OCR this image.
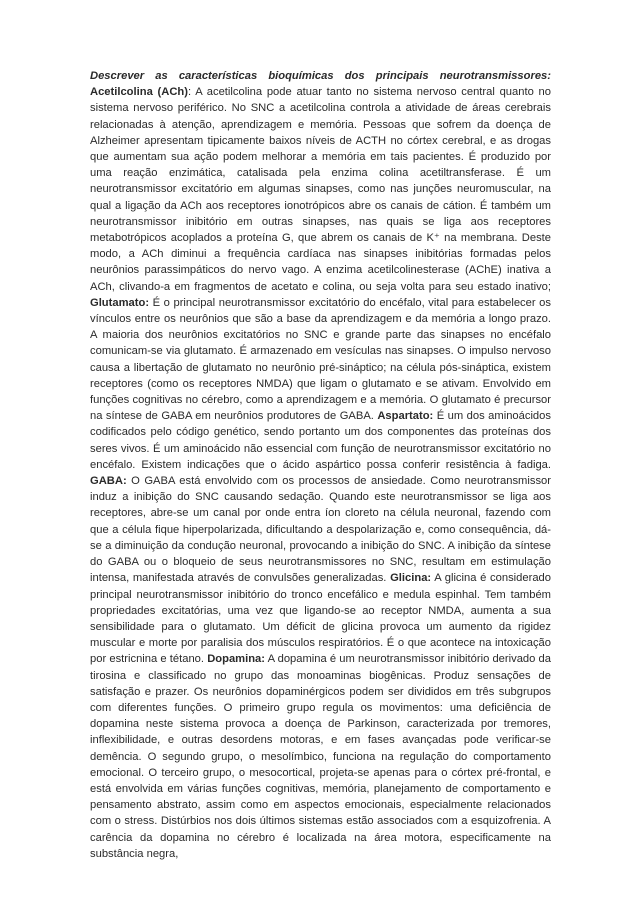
Descrever as características bioquímicas dos principais neurotransmissores: Acetilcolina (ACh): A acetilcolina pode atuar tanto no sistema nervoso central quanto no sistema nervoso periférico. No SNC a acetilcolina controla a atividade de áreas cerebrais relacionadas à atenção, aprendizagem e memória. Pessoas que sofrem da doença de Alzheimer apresentam tipicamente baixos níveis de ACTH no córtex cerebral, e as drogas que aumentam sua ação podem melhorar a memória em tais pacientes. É produzido por uma reação enzimática, catalisada pela enzima colina acetiltransferase. É um neurotransmissor excitatório em algumas sinapses, como nas junções neuromuscular, na qual a ligação da ACh aos receptores ionotrópicos abre os canais de cátion. É também um neurotransmissor inibitório em outras sinapses, nas quais se liga aos receptores metabotrópicos acoplados a proteína G, que abrem os canais de K⁺ na membrana. Deste modo, a ACh diminui a frequência cardíaca nas sinapses inibitórias formadas pelos neurônios parassimpáticos do nervo vago. A enzima acetilcolinesterase (AChE) inativa a ACh, clivando-a em fragmentos de acetato e colina, ou seja volta para seu estado inativo; Glutamato: É o principal neurotransmissor excitatório do encéfalo, vital para estabelecer os vínculos entre os neurônios que são a base da aprendizagem e da memória a longo prazo. A maioria dos neurônios excitatórios no SNC e grande parte das sinapses no encéfalo comunicam-se via glutamato. É armazenado em vesículas nas sinapses. O impulso nervoso causa a libertação de glutamato no neurônio pré-sináptico; na célula pós-sináptica, existem receptores (como os receptores NMDA) que ligam o glutamato e se ativam. Envolvido em funções cognitivas no cérebro, como a aprendizagem e a memória. O glutamato é precursor na síntese de GABA em neurônios produtores de GABA. Aspartato: É um dos aminoácidos codificados pelo código genético, sendo portanto um dos componentes das proteínas dos seres vivos. É um aminoácido não essencial com função de neurotransmissor excitatório no encéfalo. Existem indicações que o ácido aspártico possa conferir resistência à fadiga. GABA: O GABA está envolvido com os processos de ansiedade. Como neurotransmissor induz a inibição do SNC causando sedação. Quando este neurotransmissor se liga aos receptores, abre-se um canal por onde entra íon cloreto na célula neuronal, fazendo com que a célula fique hiperpolarizada, dificultando a despolarização e, como consequência, dá-se a diminuição da condução neuronal, provocando a inibição do SNC. A inibição da síntese do GABA ou o bloqueio de seus neurotransmissores no SNC, resultam em estimulação intensa, manifestada através de convulsões generalizadas. Glicina: A glicina é considerado principal neurotransmissor inibitório do tronco encefálico e medula espinhal. Tem também propriedades excitatórias, uma vez que ligando-se ao receptor NMDA, aumenta a sua sensibilidade para o glutamato. Um déficit de glicina provoca um aumento da rigidez muscular e morte por paralisia dos músculos respiratórios. É o que acontece na intoxicação por estricnina e tétano. Dopamina: A dopamina é um neurotransmissor inibitório derivado da tirosina e classificado no grupo das monoaminas biogênicas. Produz sensações de satisfação e prazer. Os neurônios dopaminérgicos podem ser divididos em três subgrupos com diferentes funções. O primeiro grupo regula os movimentos: uma deficiência de dopamina neste sistema provoca a doença de Parkinson, caracterizada por tremores, inflexibilidade, e outras desordens motoras, e em fases avançadas pode verificar-se demência. O segundo grupo, o mesolímbico, funciona na regulação do comportamento emocional. O terceiro grupo, o mesocortical, projeta-se apenas para o córtex pré-frontal, e está envolvida em várias funções cognitivas, memória, planejamento de comportamento e pensamento abstrato, assim como em aspectos emocionais, especialmente relacionados com o stress. Distúrbios nos dois últimos sistemas estão associados com a esquizofrenia. A carência da dopamina no cérebro é localizada na área motora, especificamente na substância negra,
